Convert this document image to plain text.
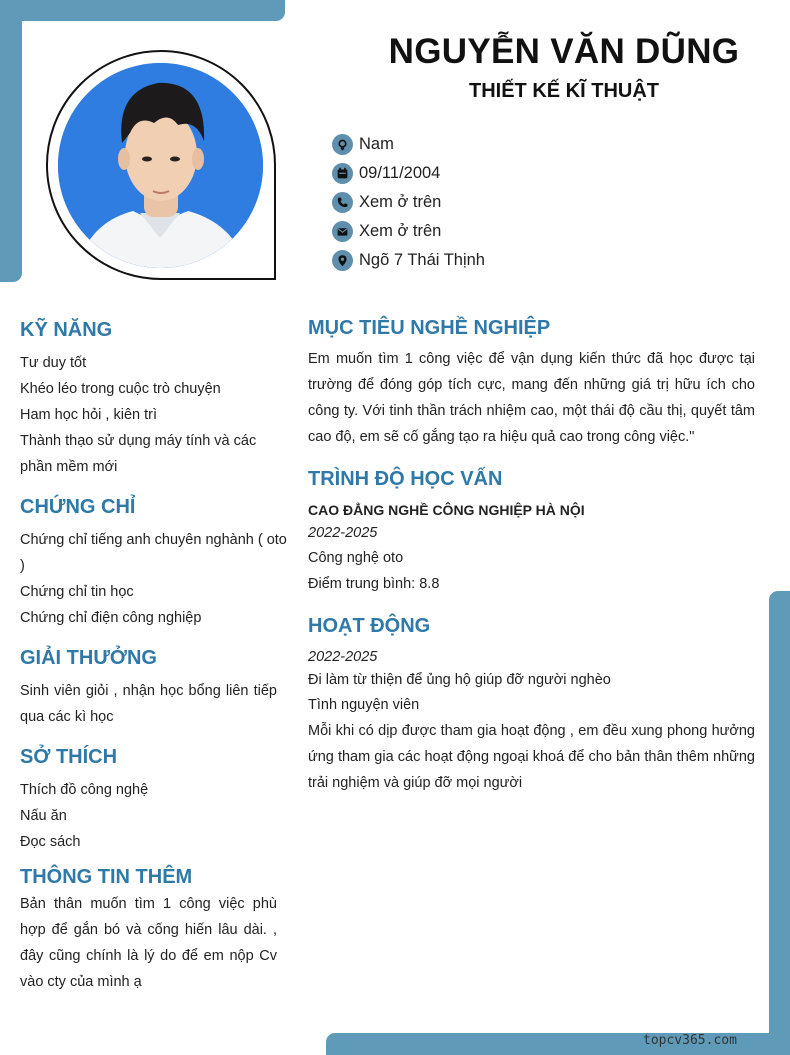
topcv365.com
NGUYỄN VĂN DŨNG
THIẾT KẾ KĨ THUẬT
Nam
09/11/2004
Xem ở trên
Xem ở trên
Ngõ 7 Thái Thịnh
KỸ NĂNG
Tư duy tốt
Khéo léo trong cuộc trò chuyện
Ham học hỏi , kiên trì
Thành thạo sử dụng máy tính và các
phần mềm mới
CHỨNG CHỈ
Chứng chỉ tiếng anh chuyên nghành ( oto
)
Chứng chỉ tin học
Chứng chỉ điện công nghiệp
GIẢI THƯỞNG
Sinh viên giỏi , nhận học bổng liên tiếp qua các kì học
SỞ THÍCH
Thích đồ công nghệ
Nấu ăn
Đọc sách
THÔNG TIN THÊM
Bản thân muốn tìm 1 công việc phù hợp để gắn bó và cống hiến lâu dài. , đây cũng chính là lý do để em nộp Cv vào cty của mình ạ
MỤC TIÊU NGHỀ NGHIỆP
Em muốn tìm 1 công việc để vận dụng kiến thức đã học được tại trường để đóng góp tích cực, mang đến những giá trị hữu ích cho công ty. Với tinh thần trách nhiệm cao, một thái độ cầu thị, quyết tâm cao độ, em sẽ cố gắng tạo ra hiệu quả cao trong công việc."
TRÌNH ĐỘ HỌC VẤN
CAO ĐẲNG NGHỀ CÔNG NGHIỆP HÀ NỘI
2022-2025
Công nghệ oto
Điểm trung bình: 8.8
HOẠT ĐỘNG
2022-2025
Đi làm từ thiện để ủng hộ giúp đỡ người nghèo
Tình nguyện viên
Mỗi khi có dịp được tham gia hoạt động , em đều xung phong hưởng ứng tham gia các hoạt động ngoại khoá để cho bản thân thêm những trải nghiệm và giúp đỡ mọi người
